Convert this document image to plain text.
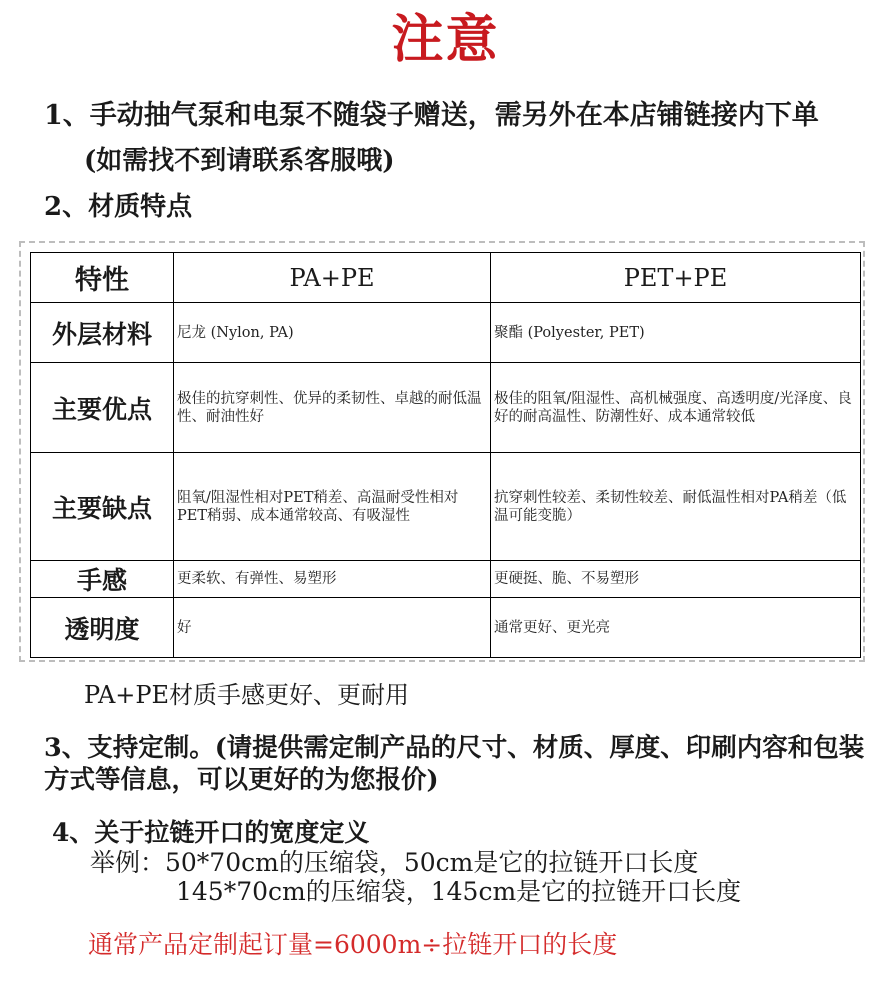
注意
1、手动抽气泵和电泵不随袋子赠送，需另外在本店铺链接内下单
(如需找不到请联系客服哦)
2、材质特点
特性	PA+PE	PET+PE
外层材料	尼龙 (Nylon, PA)	聚酯 (Polyester, PET)
主要优点	极佳的抗穿刺性、优异的柔韧性、卓越的耐低温性、耐油性好	极佳的阻氧/阻湿性、高机械强度、高透明度/光泽度、良好的耐高温性、防潮性好、成本通常较低
主要缺点	阻氧/阻湿性相对PET稍差、高温耐受性相对PET稍弱、成本通常较高、有吸湿性	抗穿刺性较差、柔韧性较差、耐低温性相对PA稍差（低温可能变脆）
手感	更柔软、有弹性、易塑形	更硬挺、脆、不易塑形
透明度	好	通常更好、更光亮
PA+PE材质手感更好、更耐用
3、支持定制。(请提供需定制产品的尺寸、材质、厚度、印刷内容和包装方式等信息，可以更好的为您报价)
4、关于拉链开口的宽度定义
举例：50*70cm的压缩袋，50cm是它的拉链开口长度
145*70cm的压缩袋，145cm是它的拉链开口长度
通常产品定制起订量=6000m÷拉链开口的长度
